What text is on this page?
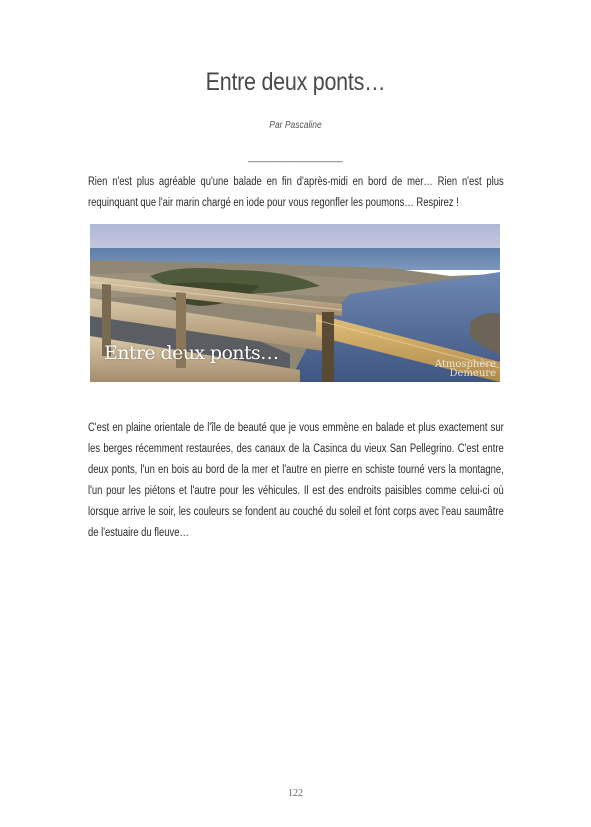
Entre deux ponts…
Par Pascaline
_______________
Rien n'est plus agréable qu'une balade en fin d'après-midi en bord de mer… Rien n'est plus requinquant que l'air marin chargé en iode pour vous regonfler les poumons… Respirez !
Entre deux ponts…
Atmosphère Demeure
C'est en plaine orientale de l'île de beauté que je vous emmène en balade et plus exactement sur les berges récemment restaurées, des canaux de la Casinca du vieux San Pellegrino. C'est entre deux ponts, l'un en bois au bord de la mer et l'autre en pierre en schiste tourné vers la montagne, l'un pour les piétons et l'autre pour les véhicules. Il est des endroits paisibles comme celui-ci où lorsque arrive le soir, les couleurs se fondent au couché du soleil et font corps avec l'eau saumâtre de l'estuaire du fleuve…
122
